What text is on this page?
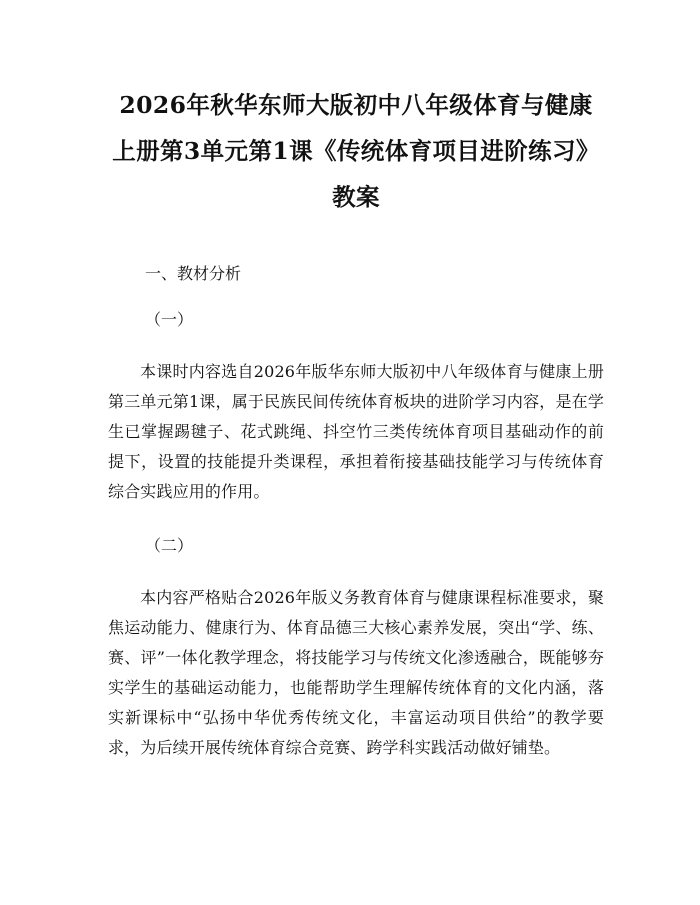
2026年秋华东师大版初中八年级体育与健康上册第3单元第1课《传统体育项目进阶练习》教案

一、教材分析

（一）

本课时内容选自2026年版华东师大版初中八年级体育与健康上册第三单元第1课，属于民族民间传统体育板块的进阶学习内容，是在学生已掌握踢毽子、花式跳绳、抖空竹三类传统体育项目基础动作的前提下，设置的技能提升类课程，承担着衔接基础技能学习与传统体育综合实践应用的作用。

（二）

本内容严格贴合2026年版义务教育体育与健康课程标准要求，聚焦运动能力、健康行为、体育品德三大核心素养发展，突出“学、练、赛、评”一体化教学理念，将技能学习与传统文化渗透融合，既能够夯实学生的基础运动能力，也能帮助学生理解传统体育的文化内涵，落实新课标中“弘扬中华优秀传统文化，丰富运动项目供给”的教学要求，为后续开展传统体育综合竞赛、跨学科实践活动做好铺垫。
